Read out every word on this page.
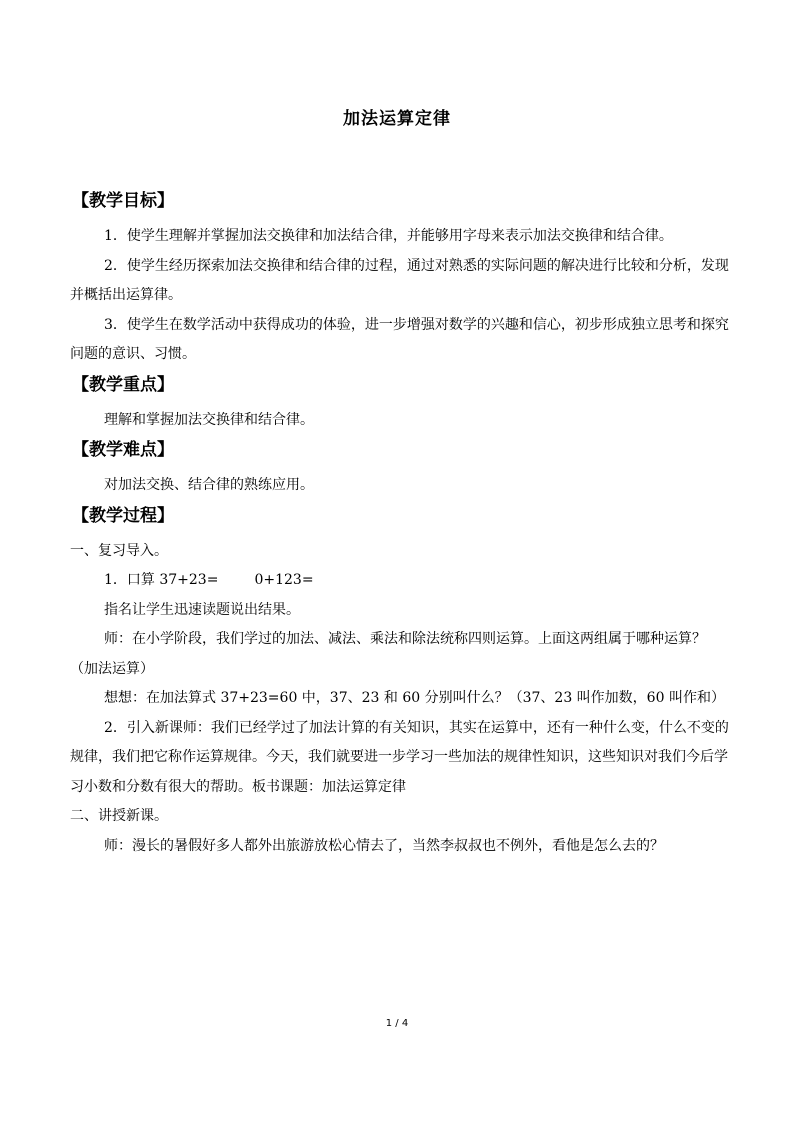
加法运算定律
【教学目标】

1．使学生理解并掌握加法交换律和加法结合律，并能够用字母来表示加法交换律和结合律。

2．使学生经历探索加法交换律和结合律的过程，通过对熟悉的实际问题的解决进行比较和分析，发现并概括出运算律。

3．使学生在数学活动中获得成功的体验，进一步增强对数学的兴趣和信心，初步形成独立思考和探究问题的意识、习惯。

【教学重点】

理解和掌握加法交换律和结合律。

【教学难点】

对加法交换、结合律的熟练应用。

【教学过程】

一、复习导入。

1．口算 37+23=	0+123=

指名让学生迅速读题说出结果。

师：在小学阶段，我们学过的加法、减法、乘法和除法统称四则运算。上面这两组属于哪种运算？（加法运算）

想想：在加法算式 37+23=60 中，37、23 和 60 分别叫什么？（37、23 叫作加数，60 叫作和）

2．引入新课师：我们已经学过了加法计算的有关知识，其实在运算中，还有一种什么变，什么不变的规律，我们把它称作运算规律。今天，我们就要进一步学习一些加法的规律性知识，这些知识对我们今后学习小数和分数有很大的帮助。板书课题：加法运算定律

二、讲授新课。

师：漫长的暑假好多人都外出旅游放松心情去了，当然李叔叔也不例外，看他是怎么去的？

1 / 4
